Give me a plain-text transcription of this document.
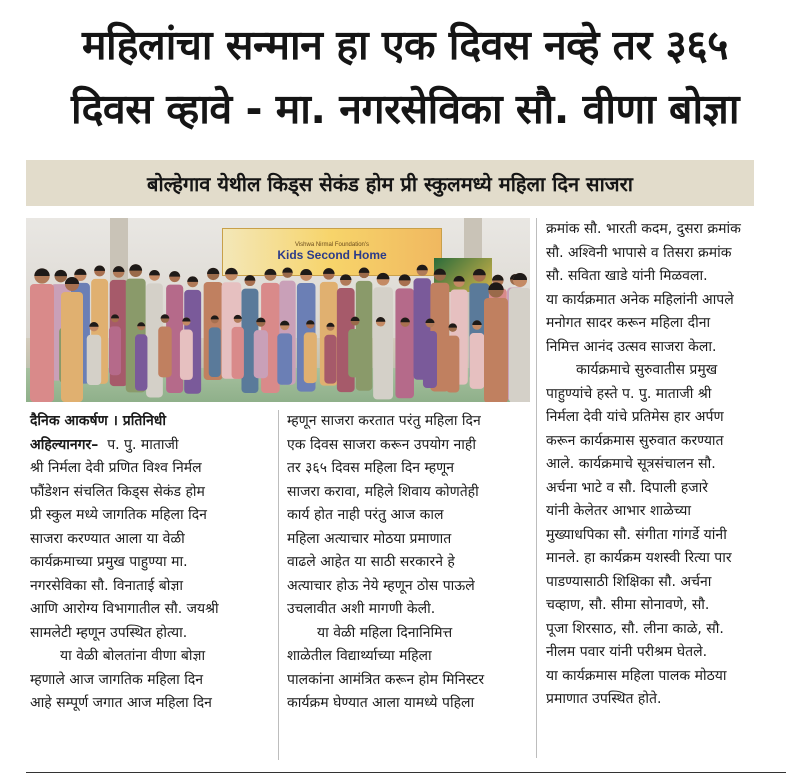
महिलांचा सन्मान हा एक दिवस नव्हे तर ३६५
दिवस व्हावे - मा. नगरसेविका सौ. वीणा बोज्ञा
बोल्हेगाव येथील किड्स सेकंड होम प्री स्कुलमध्ये महिला दिन साजरा
Vishwa Nirmal Foundation's
Kids Second Home
दैनिक आकर्षण । प्रतिनिधी
अहिल्यानगर– प. पु. माताजी
श्री निर्मला देवी प्रणित विश्व निर्मल
फौंडेशन संचलित किड्स सेकंड होम
प्री स्कुल मध्ये जागतिक महिला दिन
साजरा करण्यात आला या वेळी
कार्यक्रमाच्या प्रमुख पाहुण्या मा.
नगरसेविका सौ. विनाताई बोज्ञा
आणि आरोग्य विभागातील सौ. जयश्री
सामलेटी म्हणून उपस्थित होत्या.
या वेळी बोलतांना वीणा बोज्ञा
म्हणाले आज जागतिक महिला दिन
आहे सम्पूर्ण जगात आज महिला दिन
म्हणून साजरा करतात परंतु महिला दिन
एक दिवस साजरा करून उपयोग नाही
तर ३६५ दिवस महिला दिन म्हणून
साजरा करावा, महिले शिवाय कोणतेही
कार्य होत नाही परंतु आज काल
महिला अत्याचार मोठया प्रमाणात
वाढले आहेत या साठी सरकारने हे
अत्याचार होऊ नेये म्हणून ठोस पाऊले
उचलावीत अशी मागणी केली.
या वेळी महिला दिनानिमित्त
शाळेतील विद्यार्थ्याच्या महिला
पालकांना आमंत्रित करून होम मिनिस्टर
कार्यक्रम घेण्यात आला यामध्ये पहिला
क्रमांक सौ. भारती कदम, दुसरा क्रमांक
सौ. अश्विनी भापासे व तिसरा क्रमांक
सौ. सविता खाडे यांनी मिळवला.
या कार्यक्रमात अनेक महिलांनी आपले
मनोगत सादर करून महिला दीना
निमित्त आनंद उत्सव साजरा केला.
कार्यक्रमाचे सुरुवातीस प्रमुख
पाहुण्यांचे हस्ते प. पु. माताजी श्री
निर्मला देवी यांचे प्रतिमेस हार अर्पण
करून कार्यक्रमास सुरुवात करण्यात
आले. कार्यक्रमाचे सूत्रसंचालन सौ.
अर्चना भाटे व सौ. दिपाली हजारे
यांनी केलेतर आभार शाळेच्या
मुख्याधपिका सौ. संगीता गांगर्डे यांनी
मानले. हा कार्यक्रम यशस्वी रित्या पार
पाडण्यासाठी शिक्षिका सौ. अर्चना
चव्हाण, सौ. सीमा सोनावणे, सौ.
पूजा शिरसाठ, सौ. लीना काळे, सौ.
नीलम पवार यांनी परीश्रम घेतले.
या कार्यक्रमास महिला पालक मोठया
प्रमाणात उपस्थित होते.
